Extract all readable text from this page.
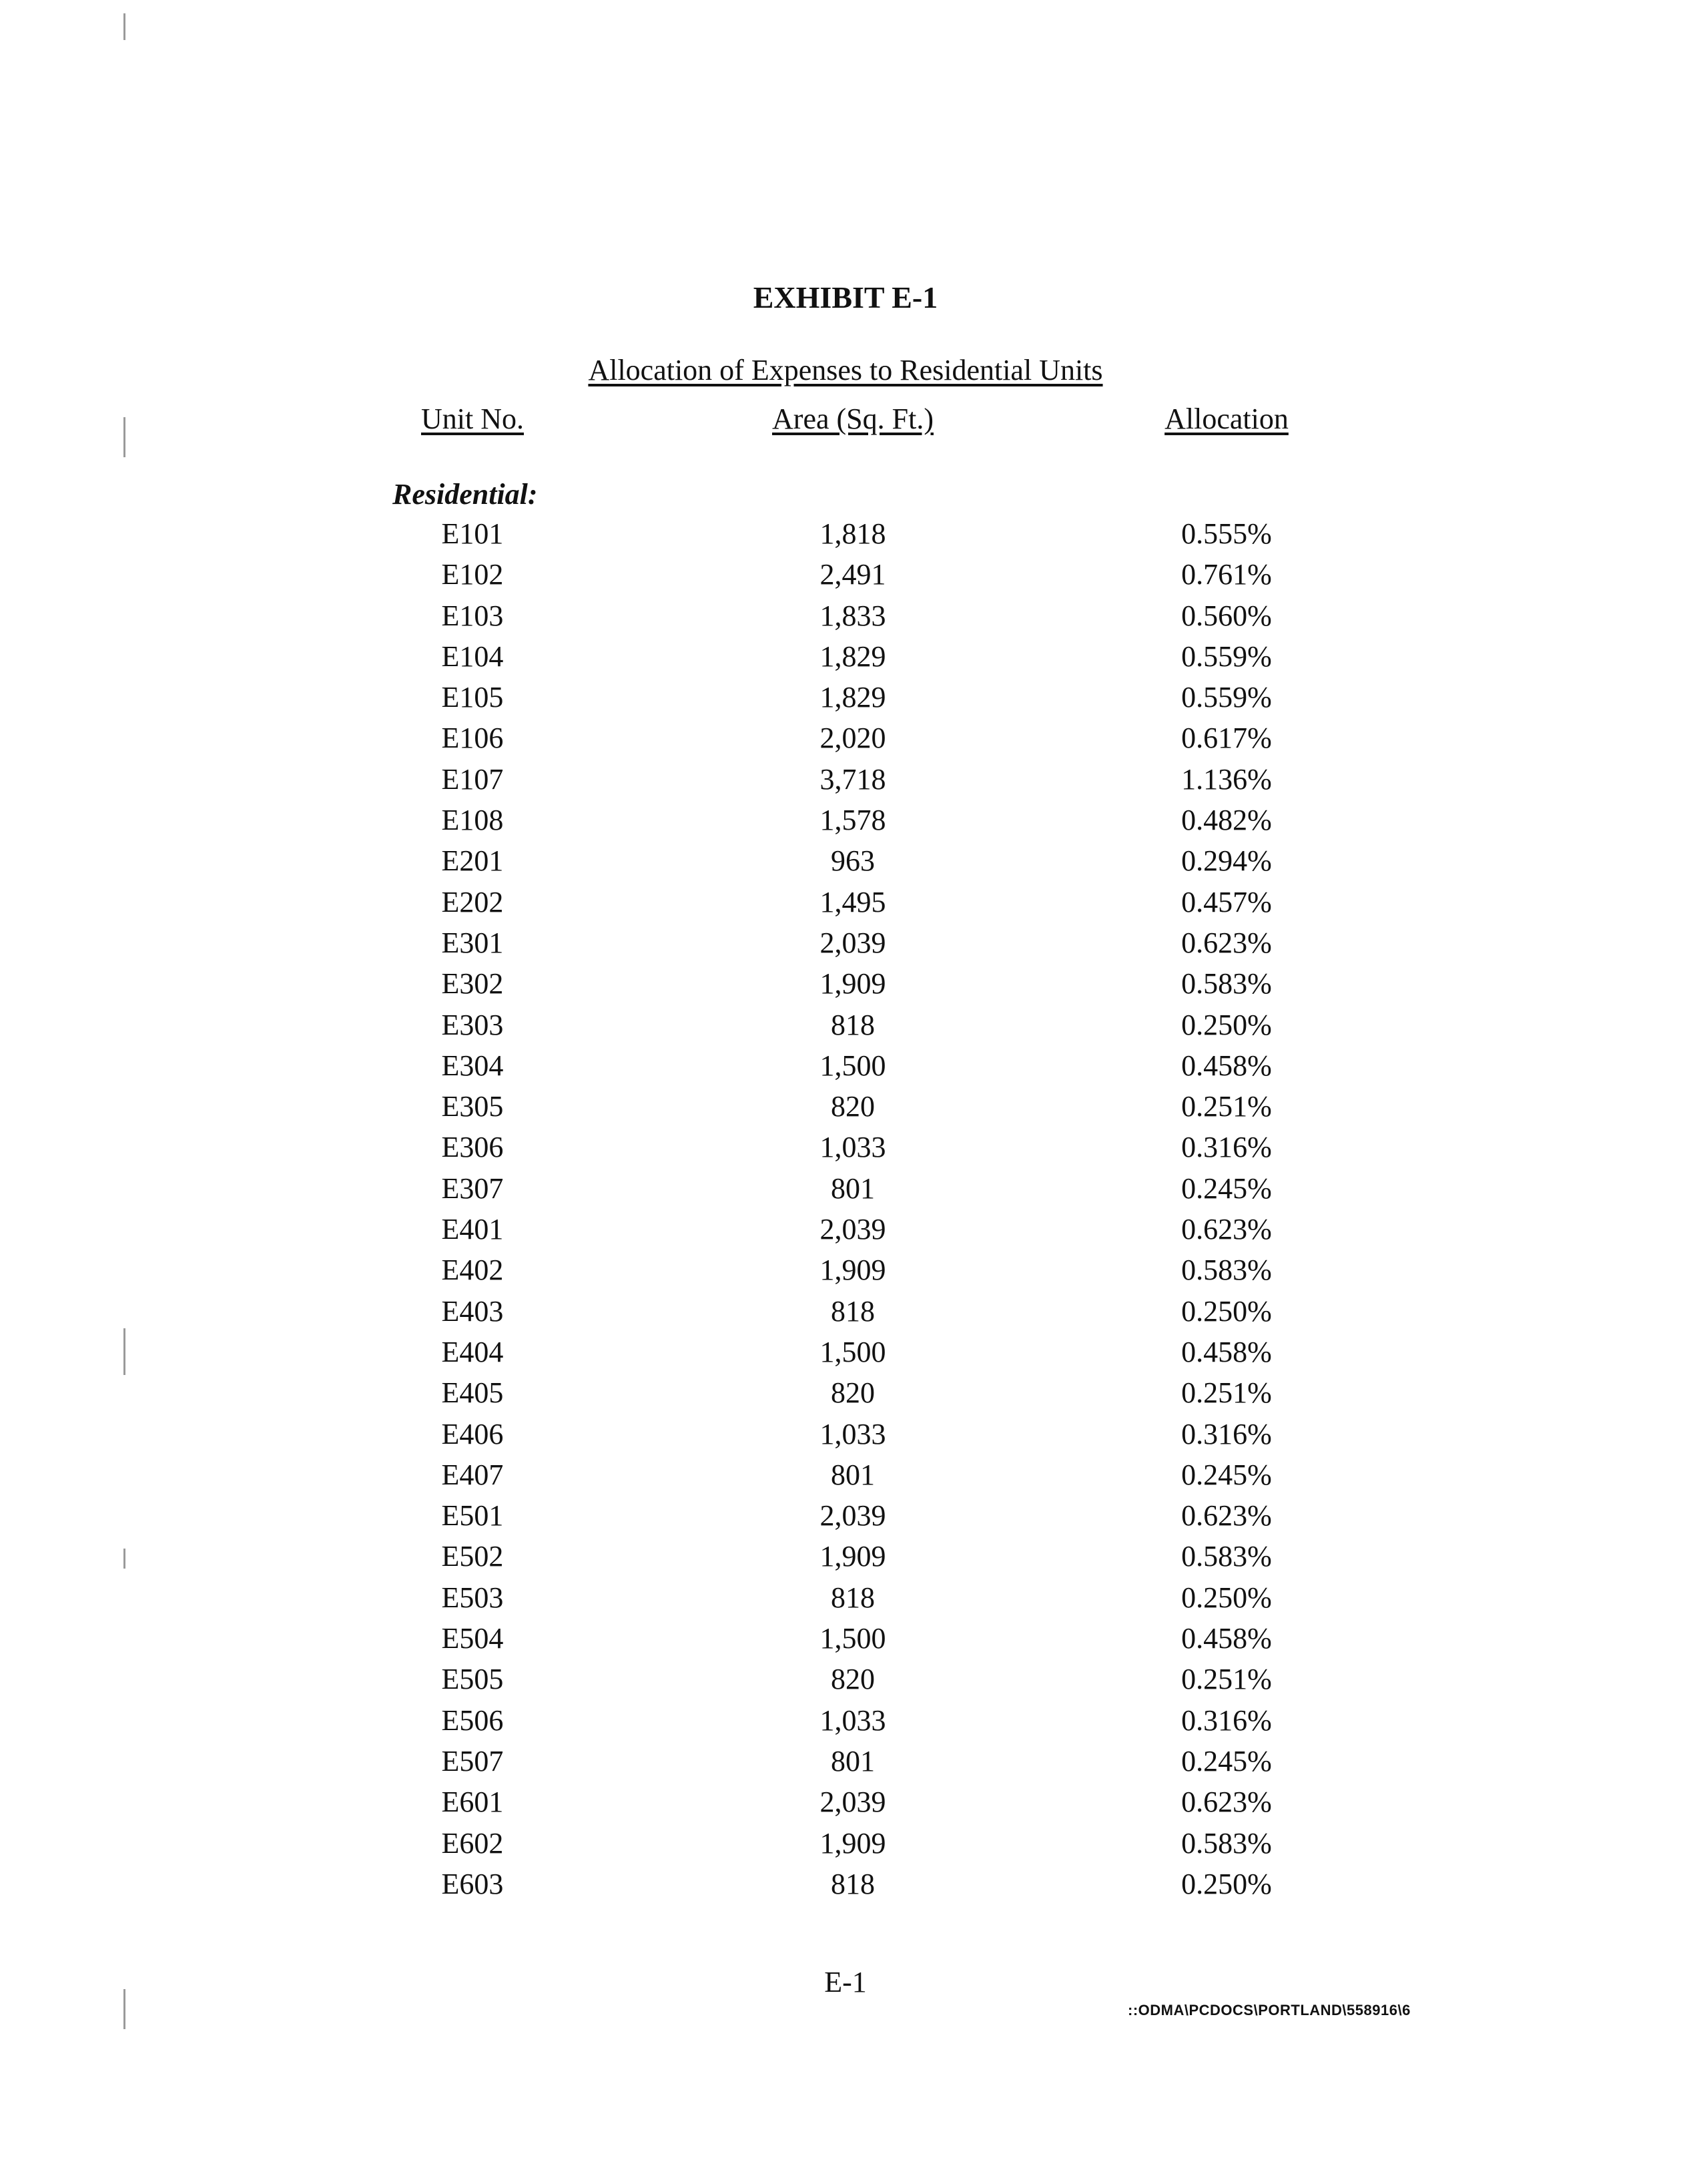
EXHIBIT E-1
Allocation of Expenses to Residential Units
Unit No.	Area (Sq. Ft.)	Allocation
Residential:
E101	1,818	0.555%
E102	2,491	0.761%
E103	1,833	0.560%
E104	1,829	0.559%
E105	1,829	0.559%
E106	2,020	0.617%
E107	3,718	1.136%
E108	1,578	0.482%
E201	963	0.294%
E202	1,495	0.457%
E301	2,039	0.623%
E302	1,909	0.583%
E303	818	0.250%
E304	1,500	0.458%
E305	820	0.251%
E306	1,033	0.316%
E307	801	0.245%
E401	2,039	0.623%
E402	1,909	0.583%
E403	818	0.250%
E404	1,500	0.458%
E405	820	0.251%
E406	1,033	0.316%
E407	801	0.245%
E501	2,039	0.623%
E502	1,909	0.583%
E503	818	0.250%
E504	1,500	0.458%
E505	820	0.251%
E506	1,033	0.316%
E507	801	0.245%
E601	2,039	0.623%
E602	1,909	0.583%
E603	818	0.250%
E-1
::ODMA\PCDOCS\PORTLAND\558916\6
